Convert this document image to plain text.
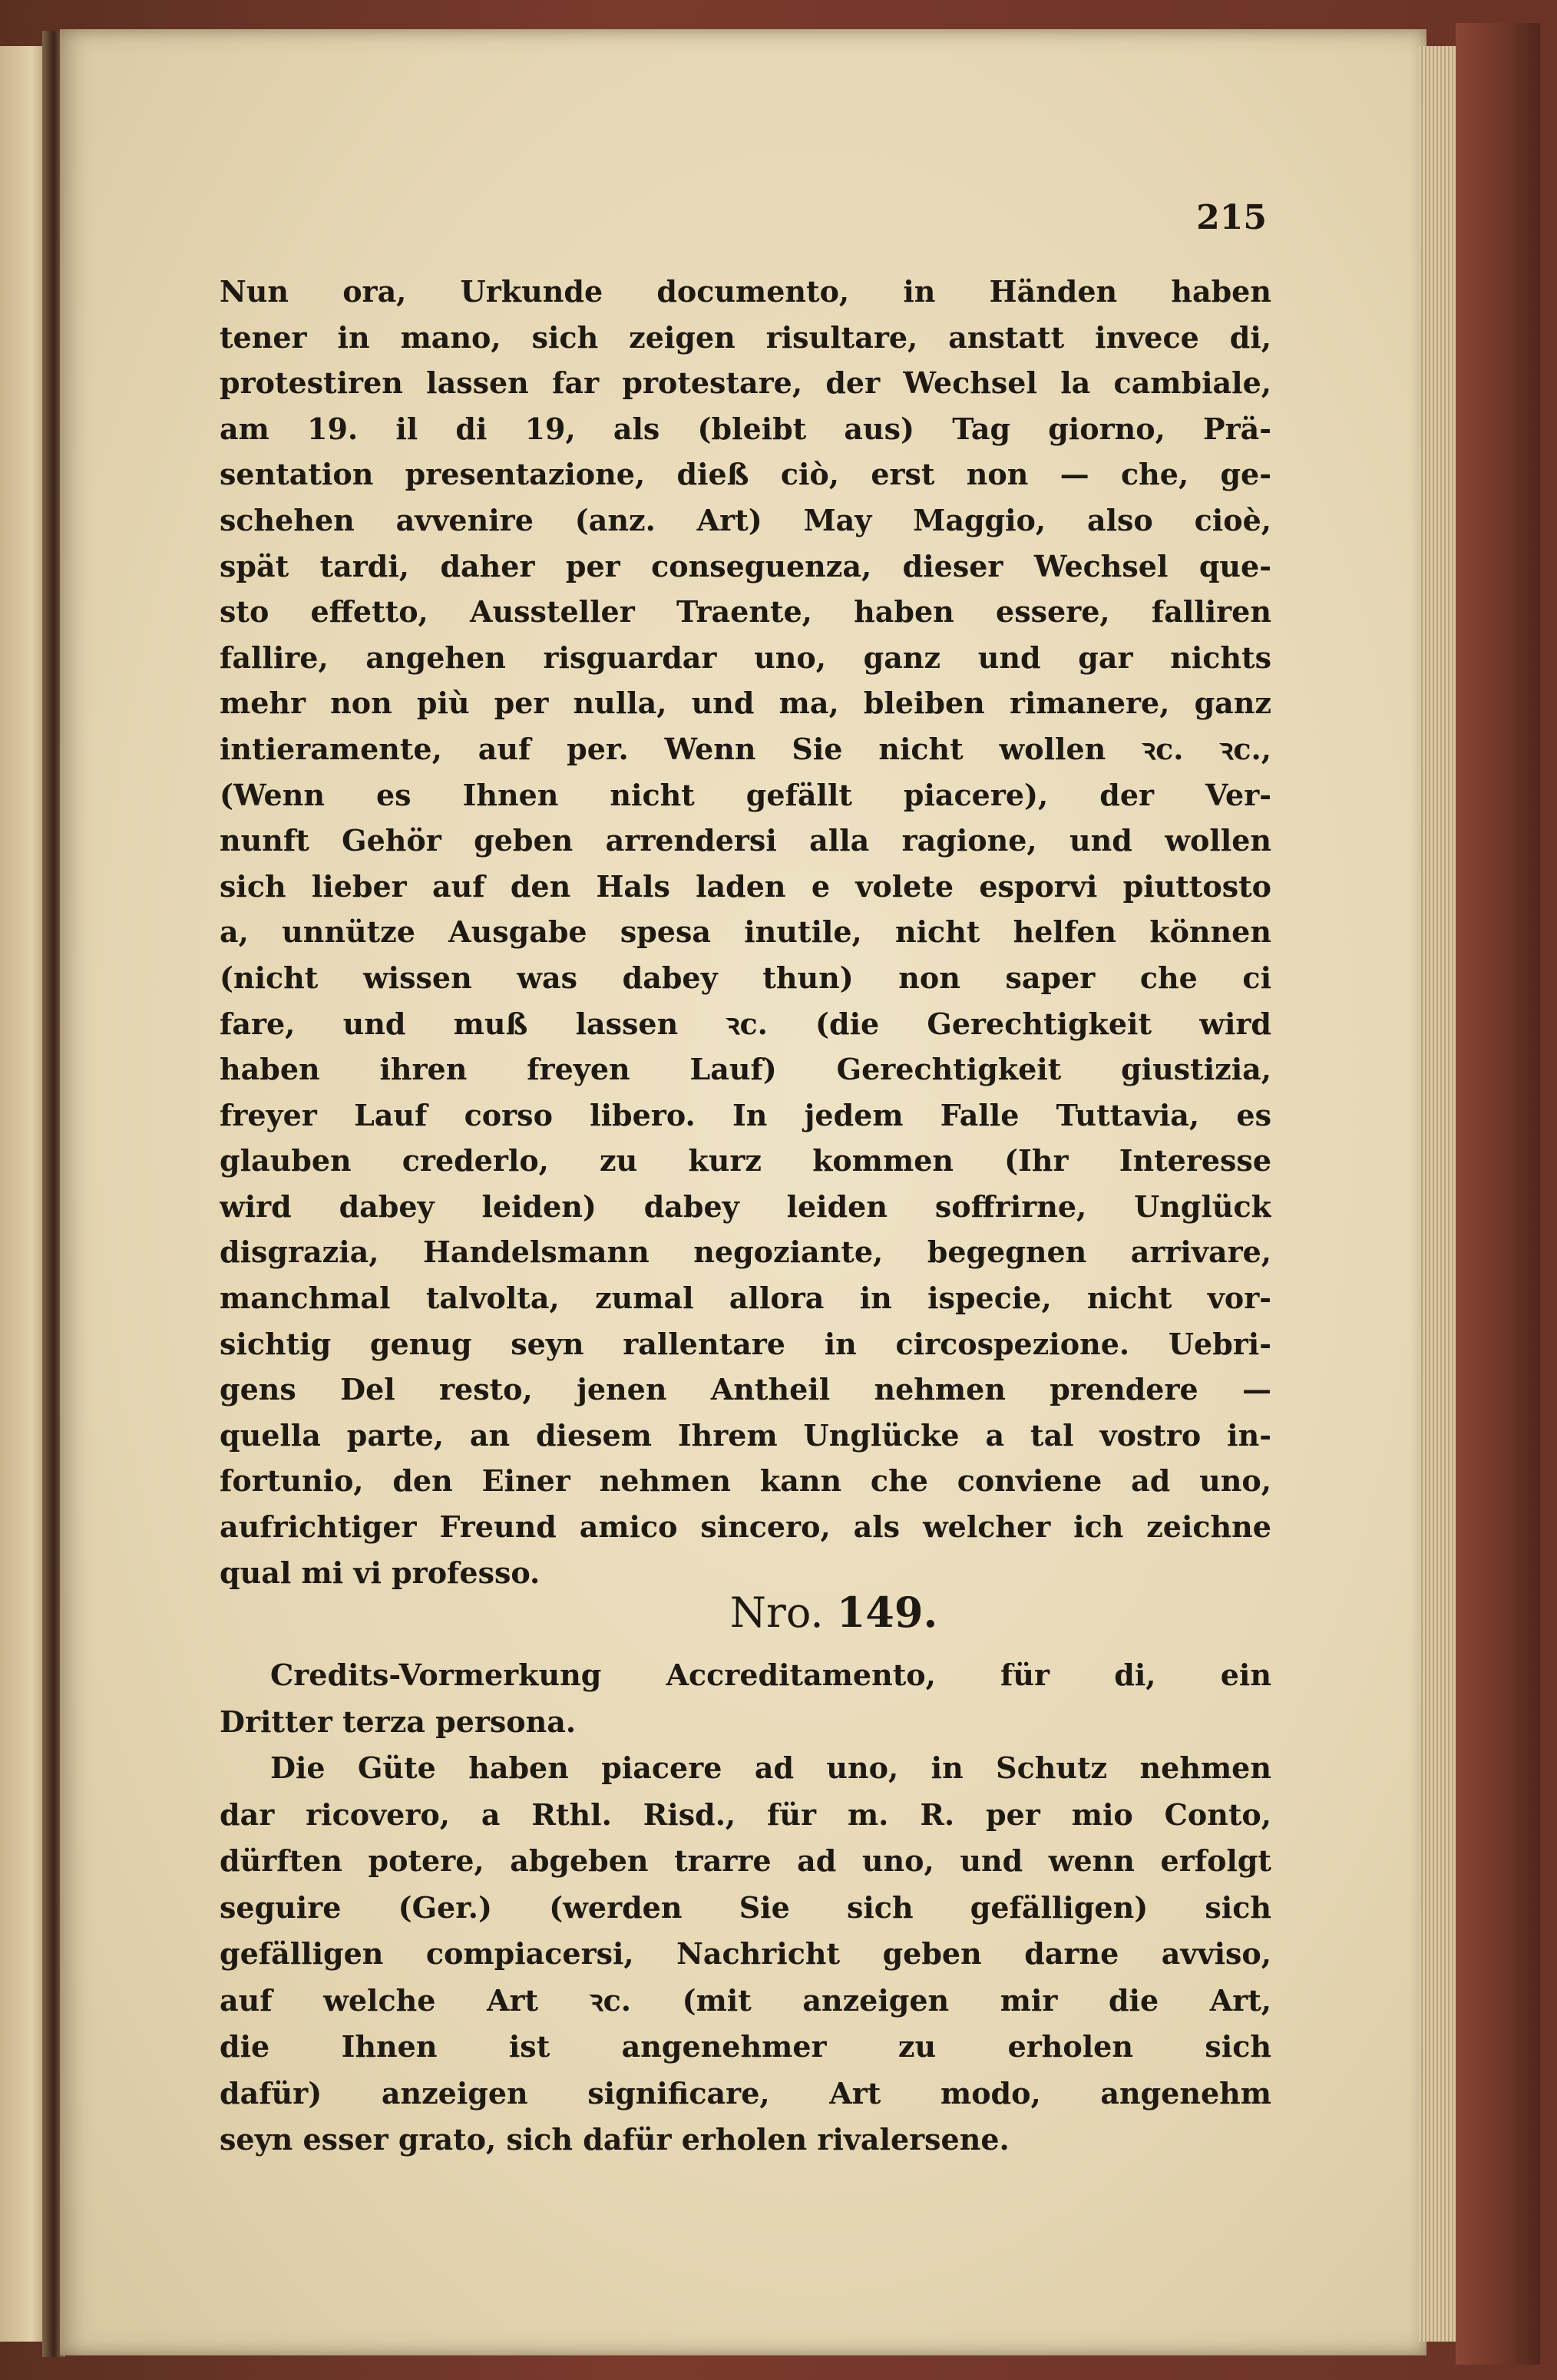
215
Nun ora, Urkunde documento, in Händen haben
tener in mano, sich zeigen risultare, anstatt invece di,
protestiren lassen far protestare, der Wechsel la cambiale,
am 19. il di 19, als (bleibt aus) Tag giorno, Prä-
sentation presentazione, dieß ciò, erst non — che, ge-
schehen avvenire (anz. Art) May Maggio, also cioè,
spät tardi, daher per conseguenza, dieser Wechsel que-
sto effetto, Aussteller Traente, haben essere, falliren
fallire, angehen risguardar uno, ganz und gar nichts
mehr non più per nulla, und ma, bleiben rimanere, ganz
intieramente, auf per. Wenn Sie nicht wollen ꝛc. ꝛc.,
(Wenn es Ihnen nicht gefällt piacere), der Ver-
nunft Gehör geben arrendersi alla ragione, und wollen
sich lieber auf den Hals laden e volete esporvi piuttosto
a, unnütze Ausgabe spesa inutile, nicht helfen können
(nicht wissen was dabey thun) non saper che ci
fare, und muß lassen ꝛc. (die Gerechtigkeit wird
haben ihren freyen Lauf) Gerechtigkeit giustizia,
freyer Lauf corso libero. In jedem Falle Tuttavia, es
glauben crederlo, zu kurz kommen (Ihr Interesse
wird dabey leiden) dabey leiden soffrirne, Unglück
disgrazia, Handelsmann negoziante, begegnen arrivare,
manchmal talvolta, zumal allora in ispecie, nicht vor-
sichtig genug seyn rallentare in circospezione. Uebri-
gens Del resto, jenen Antheil nehmen prendere —
quella parte, an diesem Ihrem Unglücke a tal vostro in-
fortunio, den Einer nehmen kann che conviene ad uno,
aufrichtiger Freund amico sincero, als welcher ich zeichne
qual mi vi professo.
Nro. 149.
Credits-Vormerkung Accreditamento, für di, ein
Dritter terza persona.
Die Güte haben piacere ad uno, in Schutz nehmen
dar ricovero, a Rthl. Risd., für m. R. per mio Conto,
dürften potere, abgeben trarre ad uno, und wenn erfolgt
seguire (Ger.) (werden Sie sich gefälligen) sich
gefälligen compiacersi, Nachricht geben darne avviso,
auf welche Art ꝛc. (mit anzeigen mir die Art,
die Ihnen ist angenehmer zu erholen sich
dafür) anzeigen significare, Art modo, angenehm
seyn esser grato, sich dafür erholen rivalersene.
